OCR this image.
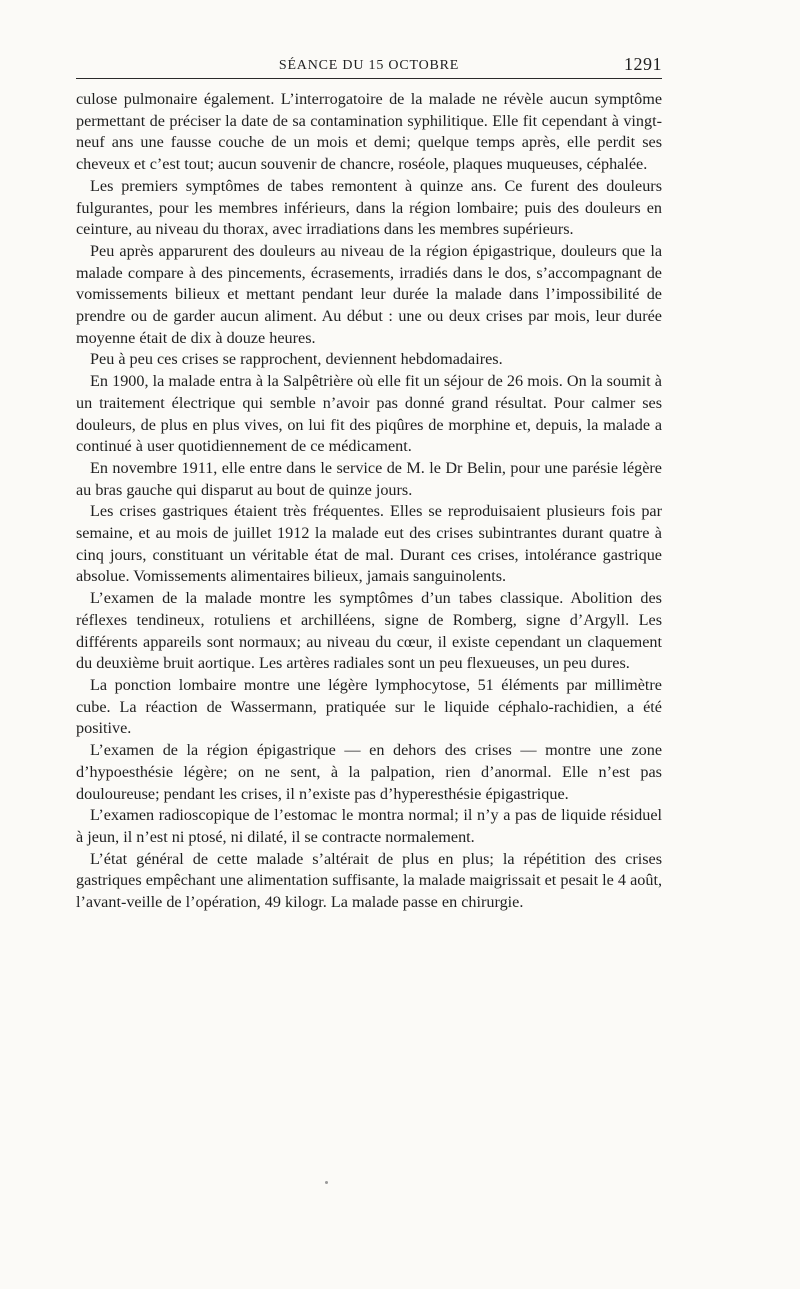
SÉANCE DU 15 OCTOBRE	1291

culose pulmonaire également. L’interrogatoire de la malade ne révèle aucun symptôme permettant de préciser la date de sa contamination syphilitique. Elle fit cependant à vingt-neuf ans une fausse couche de un mois et demi; quelque temps après, elle perdit ses cheveux et c’est tout; aucun souvenir de chancre, roséole, plaques muqueuses, céphalée.

Les premiers symptômes de tabes remontent à quinze ans. Ce furent des douleurs fulgurantes, pour les membres inférieurs, dans la région lombaire; puis des douleurs en ceinture, au niveau du thorax, avec irradiations dans les membres supérieurs.

Peu après apparurent des douleurs au niveau de la région épigastrique, douleurs que la malade compare à des pincements, écrasements, irradiés dans le dos, s’accompagnant de vomissements bilieux et mettant pendant leur durée la malade dans l’impossibilité de prendre ou de garder aucun aliment. Au début : une ou deux crises par mois, leur durée moyenne était de dix à douze heures.

Peu à peu ces crises se rapprochent, deviennent hebdomadaires.

En 1900, la malade entra à la Salpêtrière où elle fit un séjour de 26 mois. On la soumit à un traitement électrique qui semble n’avoir pas donné grand résultat. Pour calmer ses douleurs, de plus en plus vives, on lui fit des piqûres de morphine et, depuis, la malade a continué à user quotidiennement de ce médicament.

En novembre 1911, elle entre dans le service de M. le Dr Belin, pour une parésie légère au bras gauche qui disparut au bout de quinze jours.

Les crises gastriques étaient très fréquentes. Elles se reproduisaient plusieurs fois par semaine, et au mois de juillet 1912 la malade eut des crises subintrantes durant quatre à cinq jours, constituant un véritable état de mal. Durant ces crises, intolérance gastrique absolue. Vomissements alimentaires bilieux, jamais sanguinolents.

L’examen de la malade montre les symptômes d’un tabes classique. Abolition des réflexes tendineux, rotuliens et archilléens, signe de Romberg, signe d’Argyll. Les différents appareils sont normaux; au niveau du cœur, il existe cependant un claquement du deuxième bruit aortique. Les artères radiales sont un peu flexueuses, un peu dures.

La ponction lombaire montre une légère lymphocytose, 51 éléments par millimètre cube. La réaction de Wassermann, pratiquée sur le liquide céphalo-rachidien, a été positive.

L’examen de la région épigastrique — en dehors des crises — montre une zone d’hypoesthésie légère; on ne sent, à la palpation, rien d’anormal. Elle n’est pas douloureuse; pendant les crises, il n’existe pas d’hyperesthésie épigastrique.

L’examen radioscopique de l’estomac le montra normal; il n’y a pas de liquide résiduel à jeun, il n’est ni ptosé, ni dilaté, il se contracte normalement.

L’état général de cette malade s’altérait de plus en plus; la répétition des crises gastriques empêchant une alimentation suffisante, la malade maigrissait et pesait le 4 août, l’avant-veille de l’opération, 49 kilogr. La malade passe en chirurgie.
